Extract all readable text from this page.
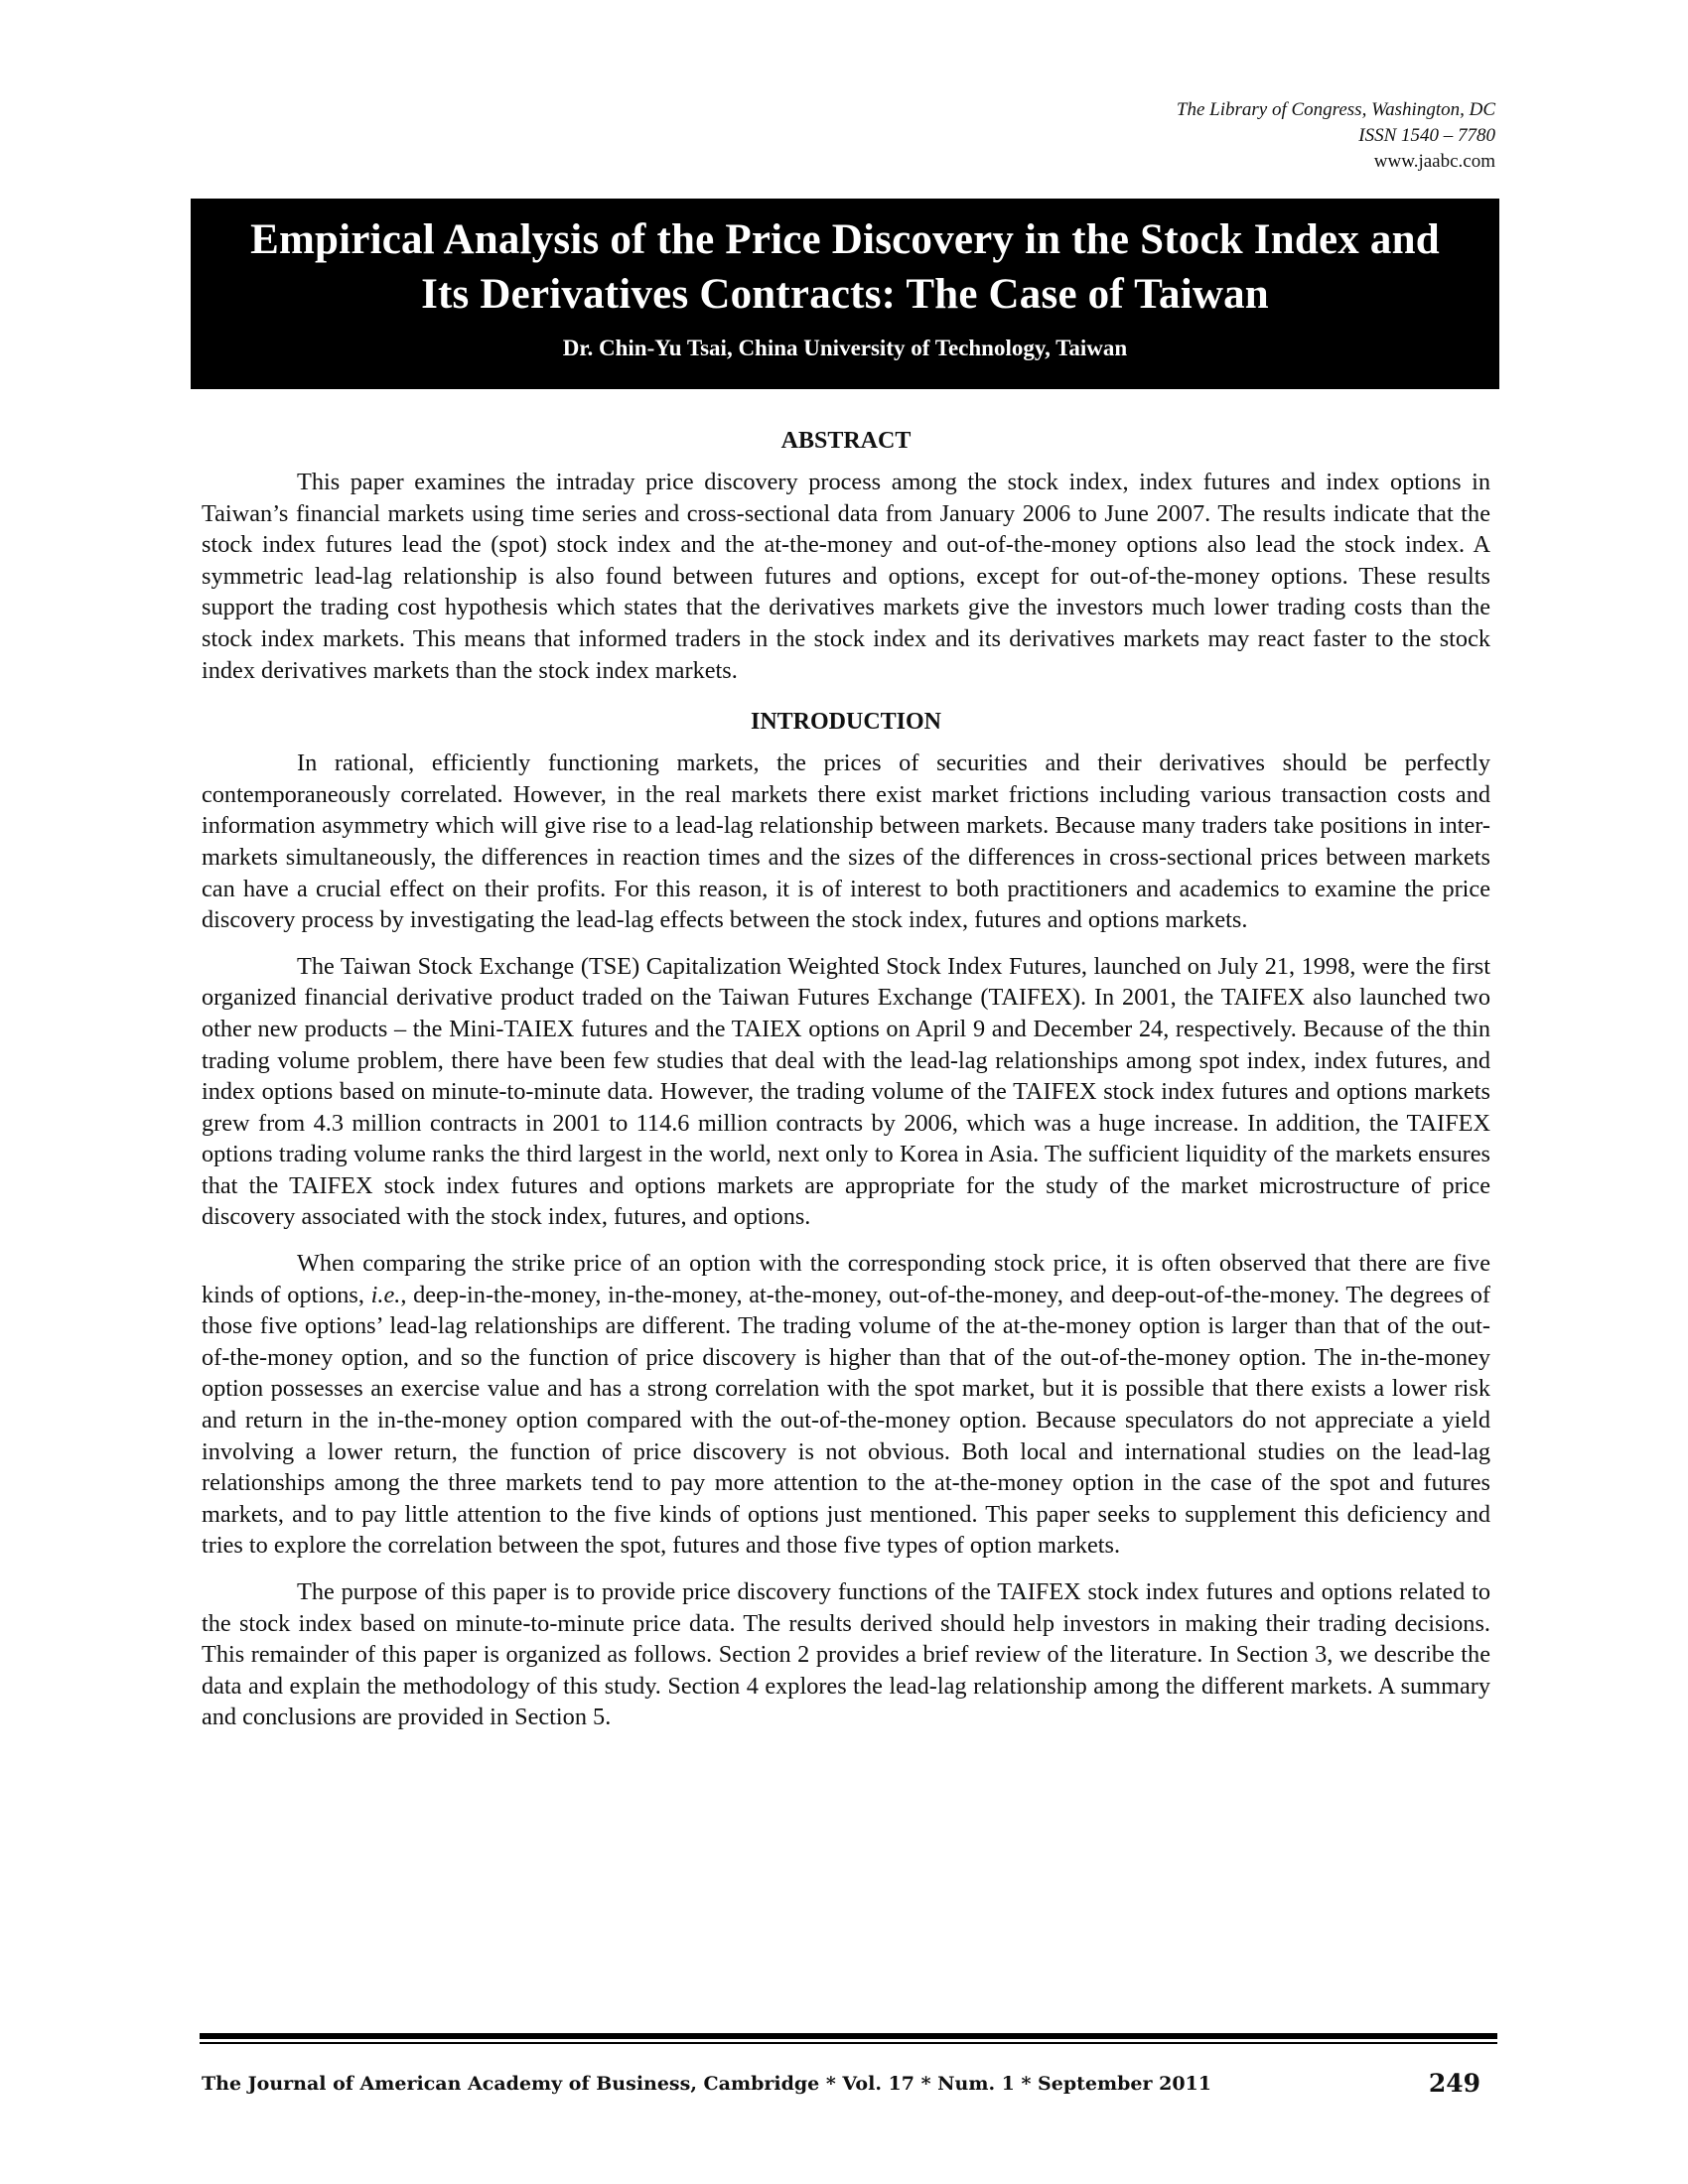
The Library of Congress, Washington, DC
ISSN 1540 – 7780
www.jaabc.com
Empirical Analysis of the Price Discovery in the Stock Index and
Its Derivatives Contracts: The Case of Taiwan
Dr. Chin-Yu Tsai, China University of Technology, Taiwan
ABSTRACT

This paper examines the intraday price discovery process among the stock index, index futures and index options in Taiwan’s financial markets using time series and cross-sectional data from January 2006 to June 2007. The results indicate that the stock index futures lead the (spot) stock index and the at-the-money and out-of-the-money options also lead the stock index. A symmetric lead-lag relationship is also found between futures and options, except for out-of-the-money options. These results support the trading cost hypothesis which states that the derivatives markets give the investors much lower trading costs than the stock index markets. This means that informed traders in the stock index and its derivatives markets may react faster to the stock index derivatives markets than the stock index markets.

INTRODUCTION

In rational, efficiently functioning markets, the prices of securities and their derivatives should be perfectly contemporaneously correlated. However, in the real markets there exist market frictions including various transaction costs and information asymmetry which will give rise to a lead-lag relationship between markets. Because many traders take positions in inter-markets simultaneously, the differences in reaction times and the sizes of the differences in cross-sectional prices between markets can have a crucial effect on their profits. For this reason, it is of interest to both practitioners and academics to examine the price discovery process by investigating the lead-lag effects between the stock index, futures and options markets.

The Taiwan Stock Exchange (TSE) Capitalization Weighted Stock Index Futures, launched on July 21, 1998, were the first organized financial derivative product traded on the Taiwan Futures Exchange (TAIFEX). In 2001, the TAIFEX also launched two other new products – the Mini-TAIEX futures and the TAIEX options on April 9 and December 24, respectively. Because of the thin trading volume problem, there have been few studies that deal with the lead-lag relationships among spot index, index futures, and index options based on minute-to-minute data. However, the trading volume of the TAIFEX stock index futures and options markets grew from 4.3 million contracts in 2001 to 114.6 million contracts by 2006, which was a huge increase. In addition, the TAIFEX options trading volume ranks the third largest in the world, next only to Korea in Asia. The sufficient liquidity of the markets ensures that the TAIFEX stock index futures and options markets are appropriate for the study of the market microstructure of price discovery associated with the stock index, futures, and options.

When comparing the strike price of an option with the corresponding stock price, it is often observed that there are five kinds of options, i.e., deep-in-the-money, in-the-money, at-the-money, out-of-the-money, and deep-out-of-the-money. The degrees of those five options’ lead-lag relationships are different. The trading volume of the at-the-money option is larger than that of the out-of-the-money option, and so the function of price discovery is higher than that of the out-of-the-money option. The in-the-money option possesses an exercise value and has a strong correlation with the spot market, but it is possible that there exists a lower risk and return in the in-the-money option compared with the out-of-the-money option. Because speculators do not appreciate a yield involving a lower return, the function of price discovery is not obvious. Both local and international studies on the lead-lag relationships among the three markets tend to pay more attention to the at-the-money option in the case of the spot and futures markets, and to pay little attention to the five kinds of options just mentioned. This paper seeks to supplement this deficiency and tries to explore the correlation between the spot, futures and those five types of option markets.

The purpose of this paper is to provide price discovery functions of the TAIFEX stock index futures and options related to the stock index based on minute-to-minute price data. The results derived should help investors in making their trading decisions. This remainder of this paper is organized as follows. Section 2 provides a brief review of the literature. In Section 3, we describe the data and explain the methodology of this study. Section 4 explores the lead-lag relationship among the different markets. A summary and conclusions are provided in Section 5.

The Journal of American Academy of Business, Cambridge * Vol. 17 * Num. 1 * September 2011	249
